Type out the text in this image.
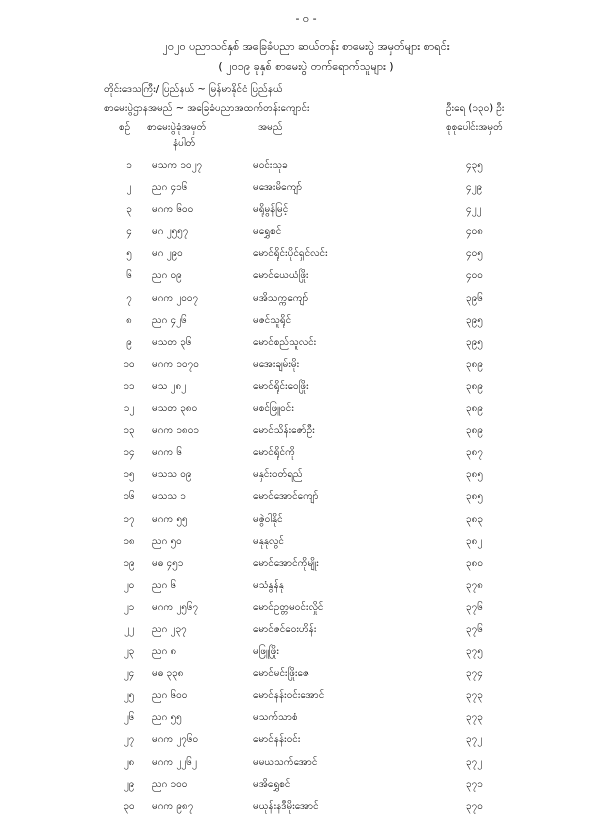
- ၀ -
၂၀၂၀ ပညာသင်နှစ် အခြေခံပညာ ဆယ်တန်း စာမေးပွဲ အမှတ်များ စာရင်း
( ၂၀၁၉ ခုနှစ် စာမေးပွဲ တက်ရောက်သူများ )
တိုင်းဒေသကြီး/ ပြည်နယ် ~ မြန်မာနိုင်ငံ ပြည်နယ်
စာမေးပွဲဌာနအမည် ~ အခြေခံပညာအထက်တန်းကျောင်း	ဦးရေ (၁၃၀) ဦး
စဉ် စာမေးပွဲခုံအမှတ်
နံပါတ်
အမည်	စုစုပေါင်းအမှတ်
၁	မသက ၁၀၂၇	မဝင်းသုခ	၄၃၅
၂	ညဂ ၄၁၆	မအေးမိကျော်	၄၂၉
၃	မဂက ၆၀၀	မရိုမွန်မြင့်	၄၂၂
၄	မဂ ၂၅၅၇	မရွှေစင်	၄၀၈
၅	မဂ ၂၉၀	မောင်ရိုင်းပိုင်ရှင်လင်း	၄၀၅
၆	ညဂ ၀၉	မောင်ယေယံဖြိုး	၄၀၀
၇	မဂက ၂၀၀၇	မအိသက္ကကျော်	၃၉၆
၈	ညဂ ၄၂၆	မဇင်သူရိုင်	၃၉၅
၉	မသတ ၃၆	မောင်စည်သူလင်း	၃၉၅
၁၀	မဂက ၁၀၇၀	မအေးချမ်းမိုး	၃၈၉
၁၁	မသ ၂၈၂	မောင်ရိုင်းဝေဖြိုး	၃၈၉
၁၂	မသတ ၃၈၀	မစင်ဖြူဝင်း	၃၈၉
၁၃	မဂက ၁၈၀၁	မောင်သိန်းဇော်ဦး	၃၈၉
၁၄	မဂက ၆	မောင်ရိုင်ကို	၃၈၇
၁၅	မသသ ၀၉	မနှင်းဝတ်ရည်	၃၈၅
၁၆	မသသ ၁	မောင်အောင်ကျော်	၃၈၅
၁၇	မဂက ၅၅	မဇွဲဝါနိုင်	၃၈၃
၁၈	ညဂ ၅၀	မနုနုလွင်	၃၈၂
၁၉	မဓ ၄၅၁	မောင်အောင်ကိုမျိုး	၃၈၀
၂၀	ညဂ ၆	မသံနွန်နု	၃၇၈
၂၁	မဂက ၂၅၆၇	မောင်ဥတ္တမဝင်းလှိုင်	၃၇၆
၂၂	ညဂ ၂၃၇	မောင်ဇင်ဝေးဟိန်း	၃၇၆
၂၃	ညဂ ၈	မဖြူဖြိုး	၃၇၅
၂၄	မဓ ၃၃၈	မောင်မင်းဖြိုးဇေ	၃၇၄
၂၅	ညဂ ၆၀၀	မောင်နန်းဝင်းအောင်	၃၇၃
၂၆	ညဂ ၅၅	မသက်သာစံ	၃၇၃
၂၇	မဂက ၂၇၆၀	မောင်နန်းဝင်း	၃၇၂
၂၈	မဂက ၂၂၆၂	မမယသက်အောင်	၃၇၂
၂၉	ညဂ ၁၀၀	မအိရွှေစင်	၃၇၁
၃၀	မဂက ၉၈၇	မယုန်းနဒီမိုးအောင်	၃၇၀
